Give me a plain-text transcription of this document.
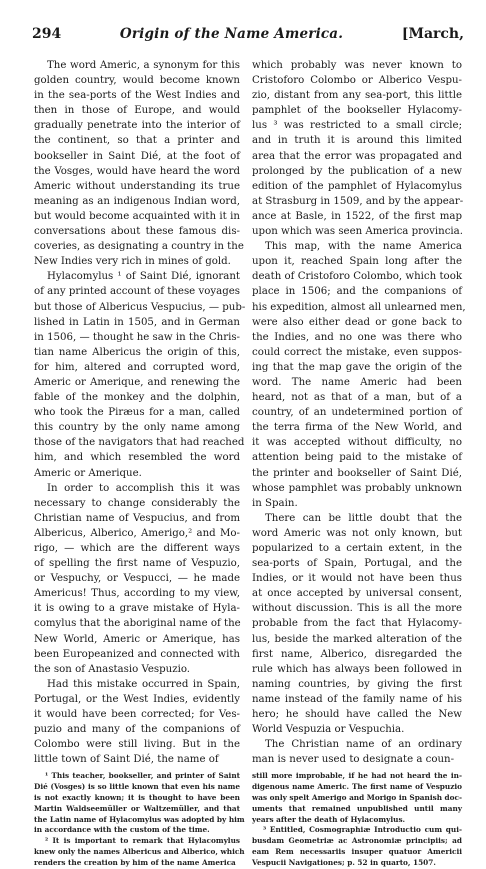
294	Origin of the Name America.	[March,
The word Americ, a synonym for this
golden country, would become known
in the sea-ports of the West Indies and
then in those of Europe, and would
gradually penetrate into the interior of
the continent, so that a printer and
bookseller in Saint Dié, at the foot of
the Vosges, would have heard the word
Americ without understanding its true
meaning as an indigenous Indian word,
but would become acquainted with it in
conversations about these famous dis-
coveries, as designating a country in the
New Indies very rich in mines of gold.
Hylacomylus ¹ of Saint Dié, ignorant
of any printed account of these voyages
but those of Albericus Vespucius, — pub-
lished in Latin in 1505, and in German
in 1506, — thought he saw in the Chris-
tian name Albericus the origin of this,
for him, altered and corrupted word,
Americ or Amerique, and renewing the
fable of the monkey and the dolphin,
who took the Piræus for a man, called
this country by the only name among
those of the navigators that had reached
him, and which resembled the word
Americ or Amerique.
In order to accomplish this it was
necessary to change considerably the
Christian name of Vespucius, and from
Albericus, Alberico, Amerigo,² and Mo-
rigo, — which are the different ways
of spelling the first name of Vespuzio,
or Vespuchy, or Vespucci, — he made
Americus! Thus, according to my view,
it is owing to a grave mistake of Hyla-
comylus that the aboriginal name of the
New World, Americ or Amerique, has
been Europeanized and connected with
the son of Anastasio Vespuzio.
Had this mistake occurred in Spain,
Portugal, or the West Indies, evidently
it would have been corrected; for Ves-
puzio and many of the companions of
Colombo were still living. But in the
little town of Saint Dié, the name of
¹ This teacher, bookseller, and printer of Saint
Dié (Vosges) is so little known that even his name
is not exactly known; it is thought to have been
Martin Waldseemüller or Waltzemüller, and that
the Latin name of Hylacomylus was adopted by him
in accordance with the custom of the time.
² It is important to remark that Hylacomylus
knew only the names Albericus and Alberico, which
renders the creation by him of the name America
which probably was never known to
Cristoforo Colombo or Alberico Vespu-
zio, distant from any sea-port, this little
pamphlet of the bookseller Hylacomy-
lus ³ was restricted to a small circle;
and in truth it is around this limited
area that the error was propagated and
prolonged by the publication of a new
edition of the pamphlet of Hylacomylus
at Strasburg in 1509, and by the appear-
ance at Basle, in 1522, of the first map
upon which was seen America provincia.
This map, with the name America
upon it, reached Spain long after the
death of Cristoforo Colombo, which took
place in 1506; and the companions of
his expedition, almost all unlearned men,
were also either dead or gone back to
the Indies, and no one was there who
could correct the mistake, even suppos-
ing that the map gave the origin of the
word. The name Americ had been
heard, not as that of a man, but of a
country, of an undetermined portion of
the terra firma of the New World, and
it was accepted without difficulty, no
attention being paid to the mistake of
the printer and bookseller of Saint Dié,
whose pamphlet was probably unknown
in Spain.
There can be little doubt that the
word Americ was not only known, but
popularized to a certain extent, in the
sea-ports of Spain, Portugal, and the
Indies, or it would not have been thus
at once accepted by universal consent,
without discussion. This is all the more
probable from the fact that Hylacomy-
lus, beside the marked alteration of the
first name, Alberico, disregarded the
rule which has always been followed in
naming countries, by giving the first
name instead of the family name of his
hero; he should have called the New
World Vespuzia or Vespuchia.
The Christian name of an ordinary
man is never used to designate a coun-
still more improbable, if he had not heard the in-
digenous name Americ. The first name of Vespuzio
was only spelt Amerigo and Morigo in Spanish doc-
uments that remained unpublished until many
years after the death of Hylacomylus.
³ Entitled, Cosmographiæ Introductio cum qui-
busdam Geometriæ ac Astronomiæ principiis; ad
eam Rem necessariis insuper quatuor Americii
Vespucii Navigationes; p. 52 in quarto, 1507.
